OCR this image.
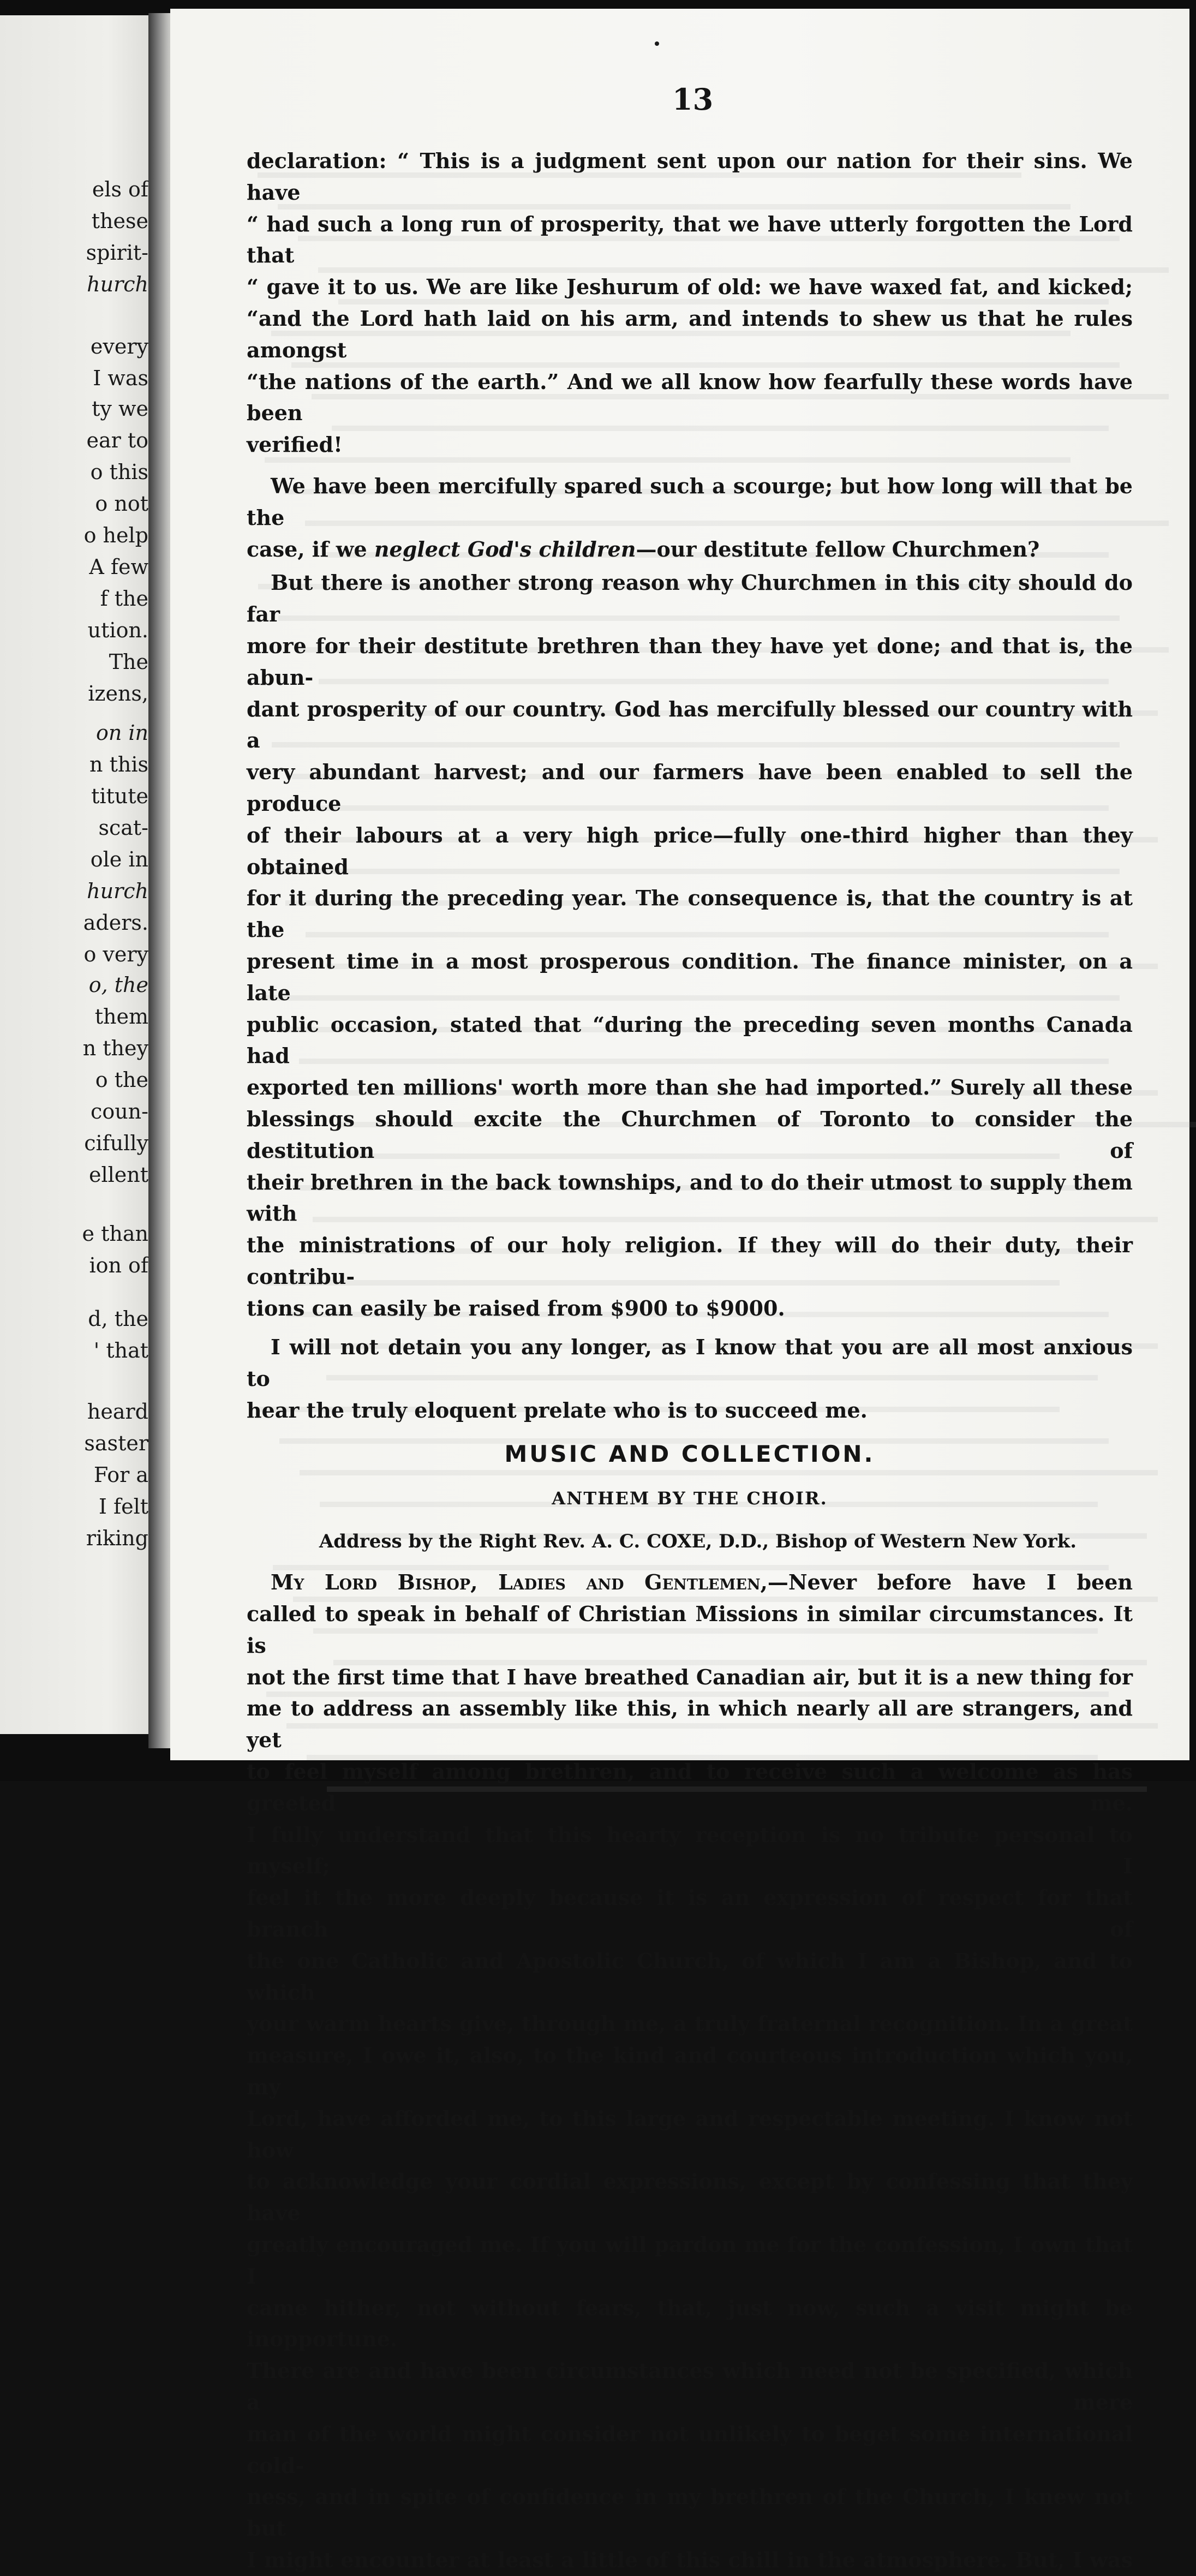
els of
these
spirit-
hurch
every
I was
ty we
ear to
o this
o not
o help
A few
f the
ution.
The
izens,
on in
n this
titute
scat-
ole in
hurch
aders.
o very
o, the
them
n they
o the
coun-
cifully
ellent
e than
ion of
d, the
' that
heard
saster
For a
I felt
riking
13

declaration: “ This is a judgment sent upon our nation for their sins. We have

“ had such a long run of prosperity, that we have utterly forgotten the Lord that

“ gave it to us. We are like Jeshurum of old: we have waxed fat, and kicked;

“and the Lord hath laid on his arm, and intends to shew us that he rules amongst

“the nations of the earth.” And we all know how fearfully these words have been

verified!

We have been mercifully spared such a scourge; but how long will that be the

case, if we neglect God's children—our destitute fellow Churchmen?

But there is another strong reason why Churchmen in this city should do far

more for their destitute brethren than they have yet done; and that is, the abun-

dant prosperity of our country. God has mercifully blessed our country with a

very abundant harvest; and our farmers have been enabled to sell the produce

of their labours at a very high price—fully one-third higher than they obtained

for it during the preceding year. The consequence is, that the country is at the

present time in a most prosperous condition. The finance minister, on a late

public occasion, stated that “during the preceding seven months Canada had

exported ten millions' worth more than she had imported.” Surely all these

blessings should excite the Churchmen of Toronto to consider the destitution of

their brethren in the back townships, and to do their utmost to supply them with

the ministrations of our holy religion. If they will do their duty, their contribu-

tions can easily be raised from $900 to $9000.

I will not detain you any longer, as I know that you are all most anxious to

hear the truly eloquent prelate who is to succeed me.

MUSIC AND COLLECTION.
ANTHEM BY THE CHOIR.
Address by the Right Rev. A. C. COXE, D.D., Bishop of Western New York.

My Lord Bishop, Ladies and Gentlemen,—Never before have I been

called to speak in behalf of Christian Missions in similar circumstances. It is

not the first time that I have breathed Canadian air, but it is a new thing for

me to address an assembly like this, in which nearly all are strangers, and yet

to feel myself among brethren, and to receive such a welcome as has greeted me.

I fully understand that this hearty reception is no tribute personal to myself; I

feel it the more deeply because it is an expression of respect for that branch of

the one Catholic and Apostolic Church, of which I am a Bishop, and to which

your warm hearts give, through me, a truly fraternal recognition. In a great

measure, I owe it, also, to the kind and courteous introduction which you, my

Lord, have afforded me, to this large and respectable meeting. I know not how

to acknowledge your cordial expressions, except by confessing that they have

greatly encouraged me. If you will pardon me for the confession, I own that I

came hither, not without fears, that, just now, such a visit might be inopportune.

There are and have been circumstances which need not be specified, which a mere

man of the world might consider not unlikely to beget some international cold-

ness, and in spite of confidence in my brethren of the Church, I knew not but

I might encounter at least a little of this chill in the atmosphere. But, I was
